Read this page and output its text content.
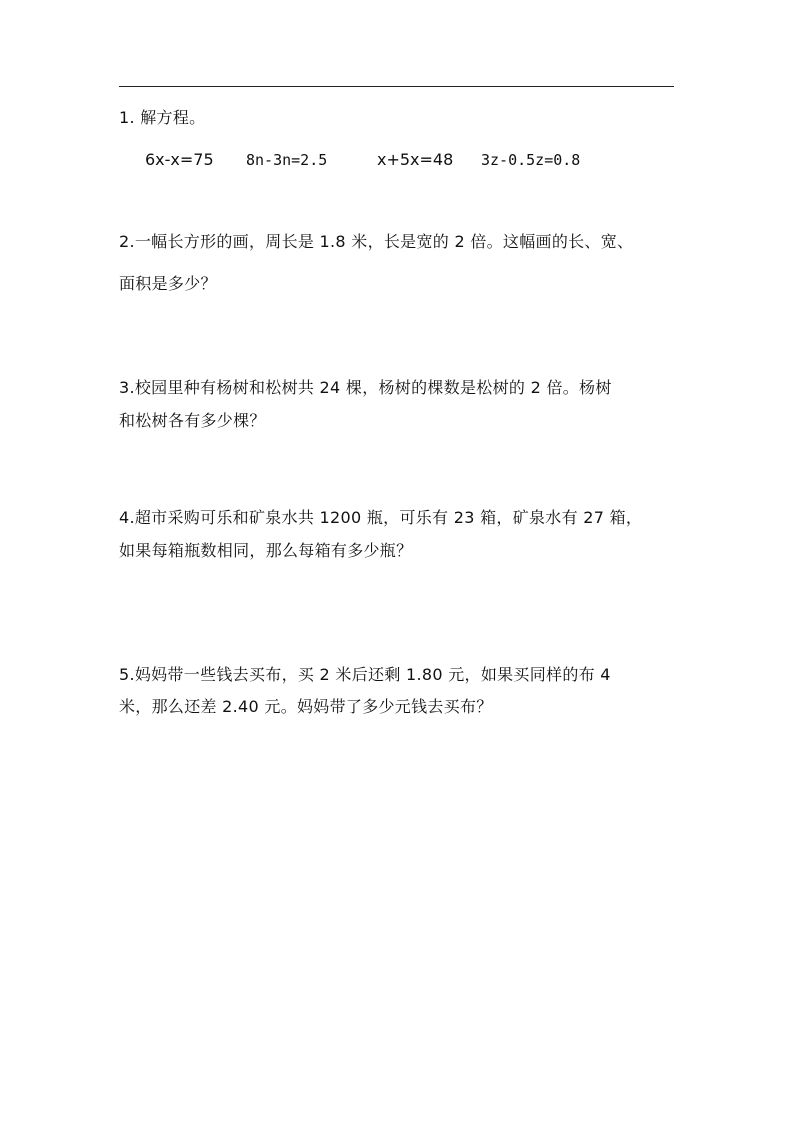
1. 解方程。
6x-x=75 8n-3n=2.5	x+5x=48 3z-0.5z=0.8
2.一幅长方形的画，周长是 1.8 米，长是宽的 2 倍。这幅画的长、宽、
面积是多少？
3.校园里种有杨树和松树共 24 棵，杨树的棵数是松树的 2 倍。杨树
和松树各有多少棵？
4.超市采购可乐和矿泉水共 1200 瓶，可乐有 23 箱，矿泉水有 27 箱，
如果每箱瓶数相同，那么每箱有多少瓶？
5.妈妈带一些钱去买布，买 2 米后还剩 1.80 元，如果买同样的布 4
米，那么还差 2.40 元。妈妈带了多少元钱去买布？
